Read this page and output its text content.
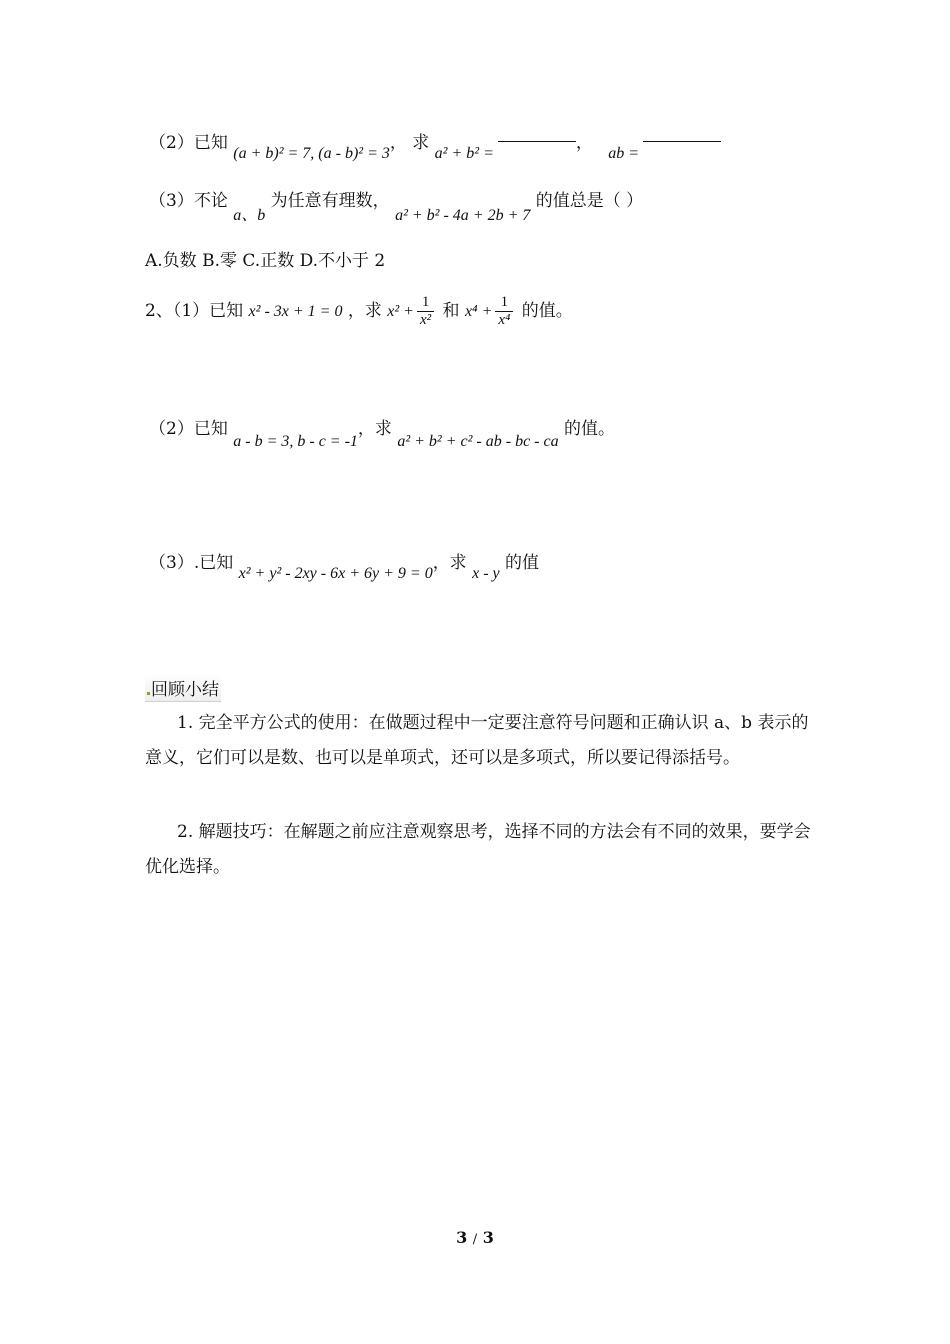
（2）已知 (a + b)² = 7, (a - b)² = 3， 求 a² + b² =， ab =
（3）不论 a、b 为任意有理数， a² + b² - 4a + 2b + 7 的值总是（ ）
A.负数 B.零 C.正数 D.不小于 2
2、（1）已知 x² - 3x + 1 = 0 ，求 $x^2 + \frac{1}{\text{x²}}$ 和 $x^4 + \frac{1}{\text{x⁴}}$ 的值。
（2）已知 a - b = 3, b - c = -1，求 a² + b² + c² - ab - bc - ca 的值。
（3）.已知 x² + y² - 2xy - 6x + 6y + 9 = 0，求 x - y 的值
回顾小结
1. 完全平方公式的使用：在做题过程中一定要注意符号问题和正确认识 a、b 表示的意义，它们可以是数、也可以是单项式，还可以是多项式，所以要记得添括号。
2. 解题技巧：在解题之前应注意观察思考，选择不同的方法会有不同的效果，要学会优化选择。
3 / 3
